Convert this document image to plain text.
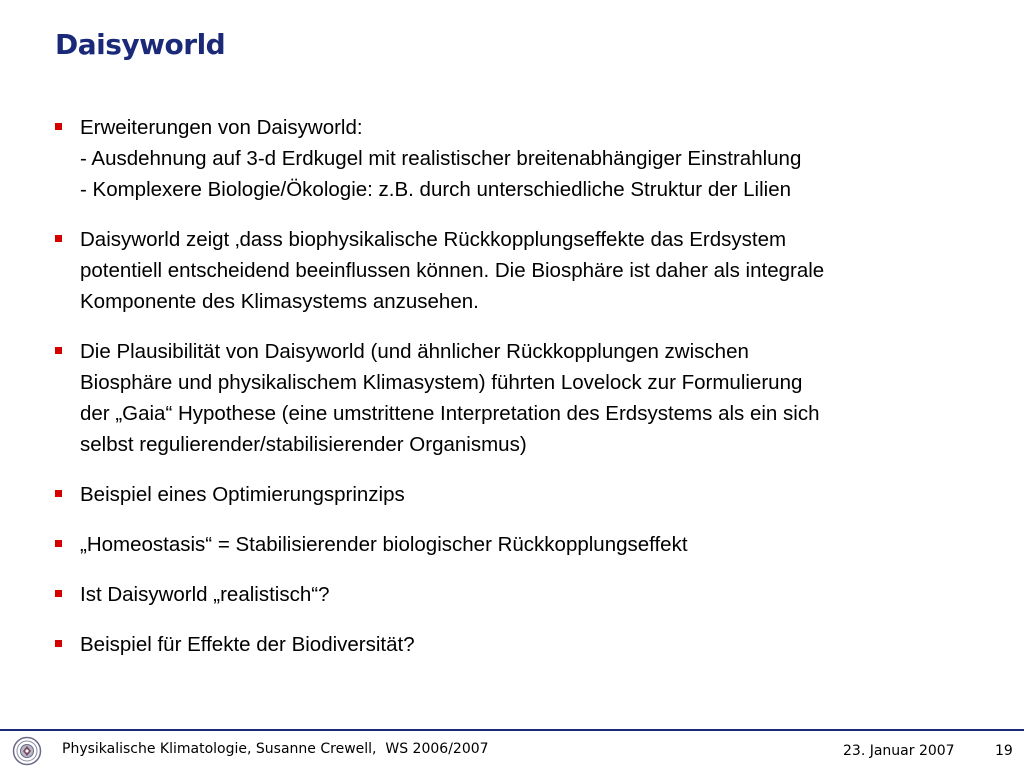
Daisyworld
Erweiterungen von Daisyworld:
- Ausdehnung auf 3-d Erdkugel mit realistischer breitenabhängiger Einstrahlung
- Komplexere Biologie/Ökologie: z.B. durch unterschiedliche Struktur der Lilien
Daisyworld zeigt ‚dass biophysikalische Rückkopplungseffekte das Erdsystem
potentiell entscheidend beeinflussen können. Die Biosphäre ist daher als integrale
Komponente des Klimasystems anzusehen.
Die Plausibilität von Daisyworld (und ähnlicher Rückkopplungen zwischen
Biosphäre und physikalischem Klimasystem) führten Lovelock zur Formulierung
der „Gaia“ Hypothese (eine umstrittene Interpretation des Erdsystems als ein sich
selbst regulierender/stabilisierender Organismus)
Beispiel eines Optimierungsprinzips
„Homeostasis“ = Stabilisierender biologischer Rückkopplungseffekt
Ist Daisyworld „realistisch“?
Beispiel für Effekte der Biodiversität?
Physikalische Klimatologie, Susanne Crewell,  WS 2006/2007	23. Januar 2007	19
